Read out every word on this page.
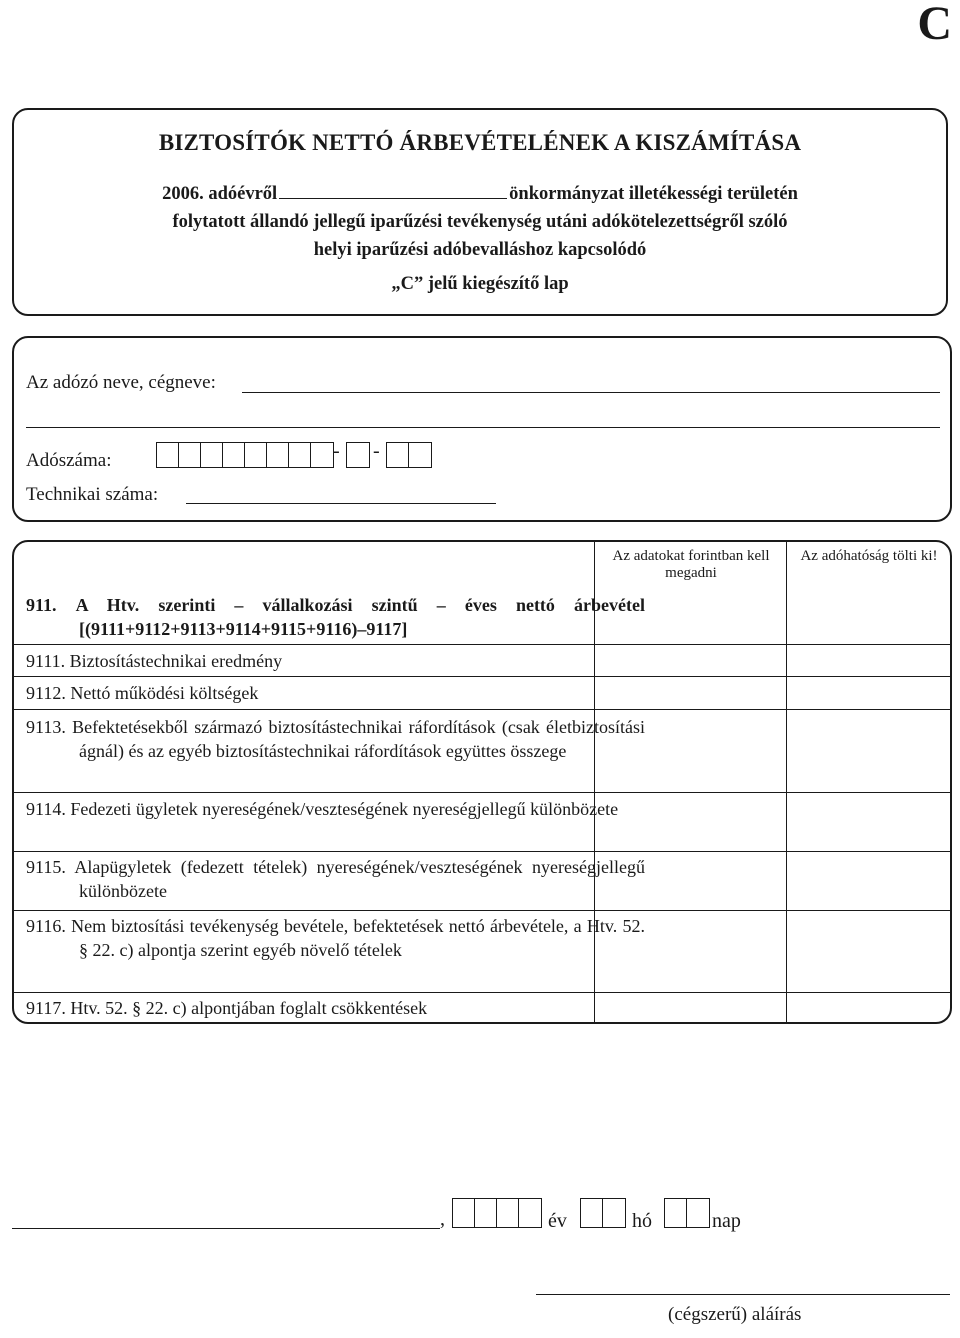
C
BIZTOSÍTÓK NETTÓ ÁRBEVÉTELÉNEK A KISZÁMÍTÁSA
2006. adóévről	önkormányzat illetékességi területén
folytatott állandó jellegű iparűzési tevékenység utáni adókötelezettségről szóló
helyi iparűzési adóbevalláshoz kapcsolódó
„C” jelű kiegészítő lap
Az adózó neve, cégneve:
Adószáma:	- -
Technikai száma:
Az adatokat forintban kell megadni
Az adóhatóság tölti ki!
911. A Htv. szerinti – vállalkozási szintű – éves nettó árbevétel [(9111+9112+9113+9114+9115+9116)–9117]
9111. Biztosítástechnikai eredmény
9112. Nettó működési költségek
9113. Befektetésekből származó biztosítástechnikai ráfordítások (csak életbiztosítási ágnál) és az egyéb biztosítástechnikai ráfordítások együttes összege
9114. Fedezeti ügyletek nyereségének/veszteségének nyereségjellegű különbözete
9115. Alapügyletek (fedezett tételek) nyereségének/veszteségének nyereségjellegű különbözete
9116. Nem biztosítási tevékenység bevétele, befektetések nettó árbevétele, a Htv. 52. § 22. c) alpontja szerint egyéb növelő tételek
9117. Htv. 52. § 22. c) alpontjában foglalt csökkentések
,	év	hó	nap
(cégszerű) aláírás
